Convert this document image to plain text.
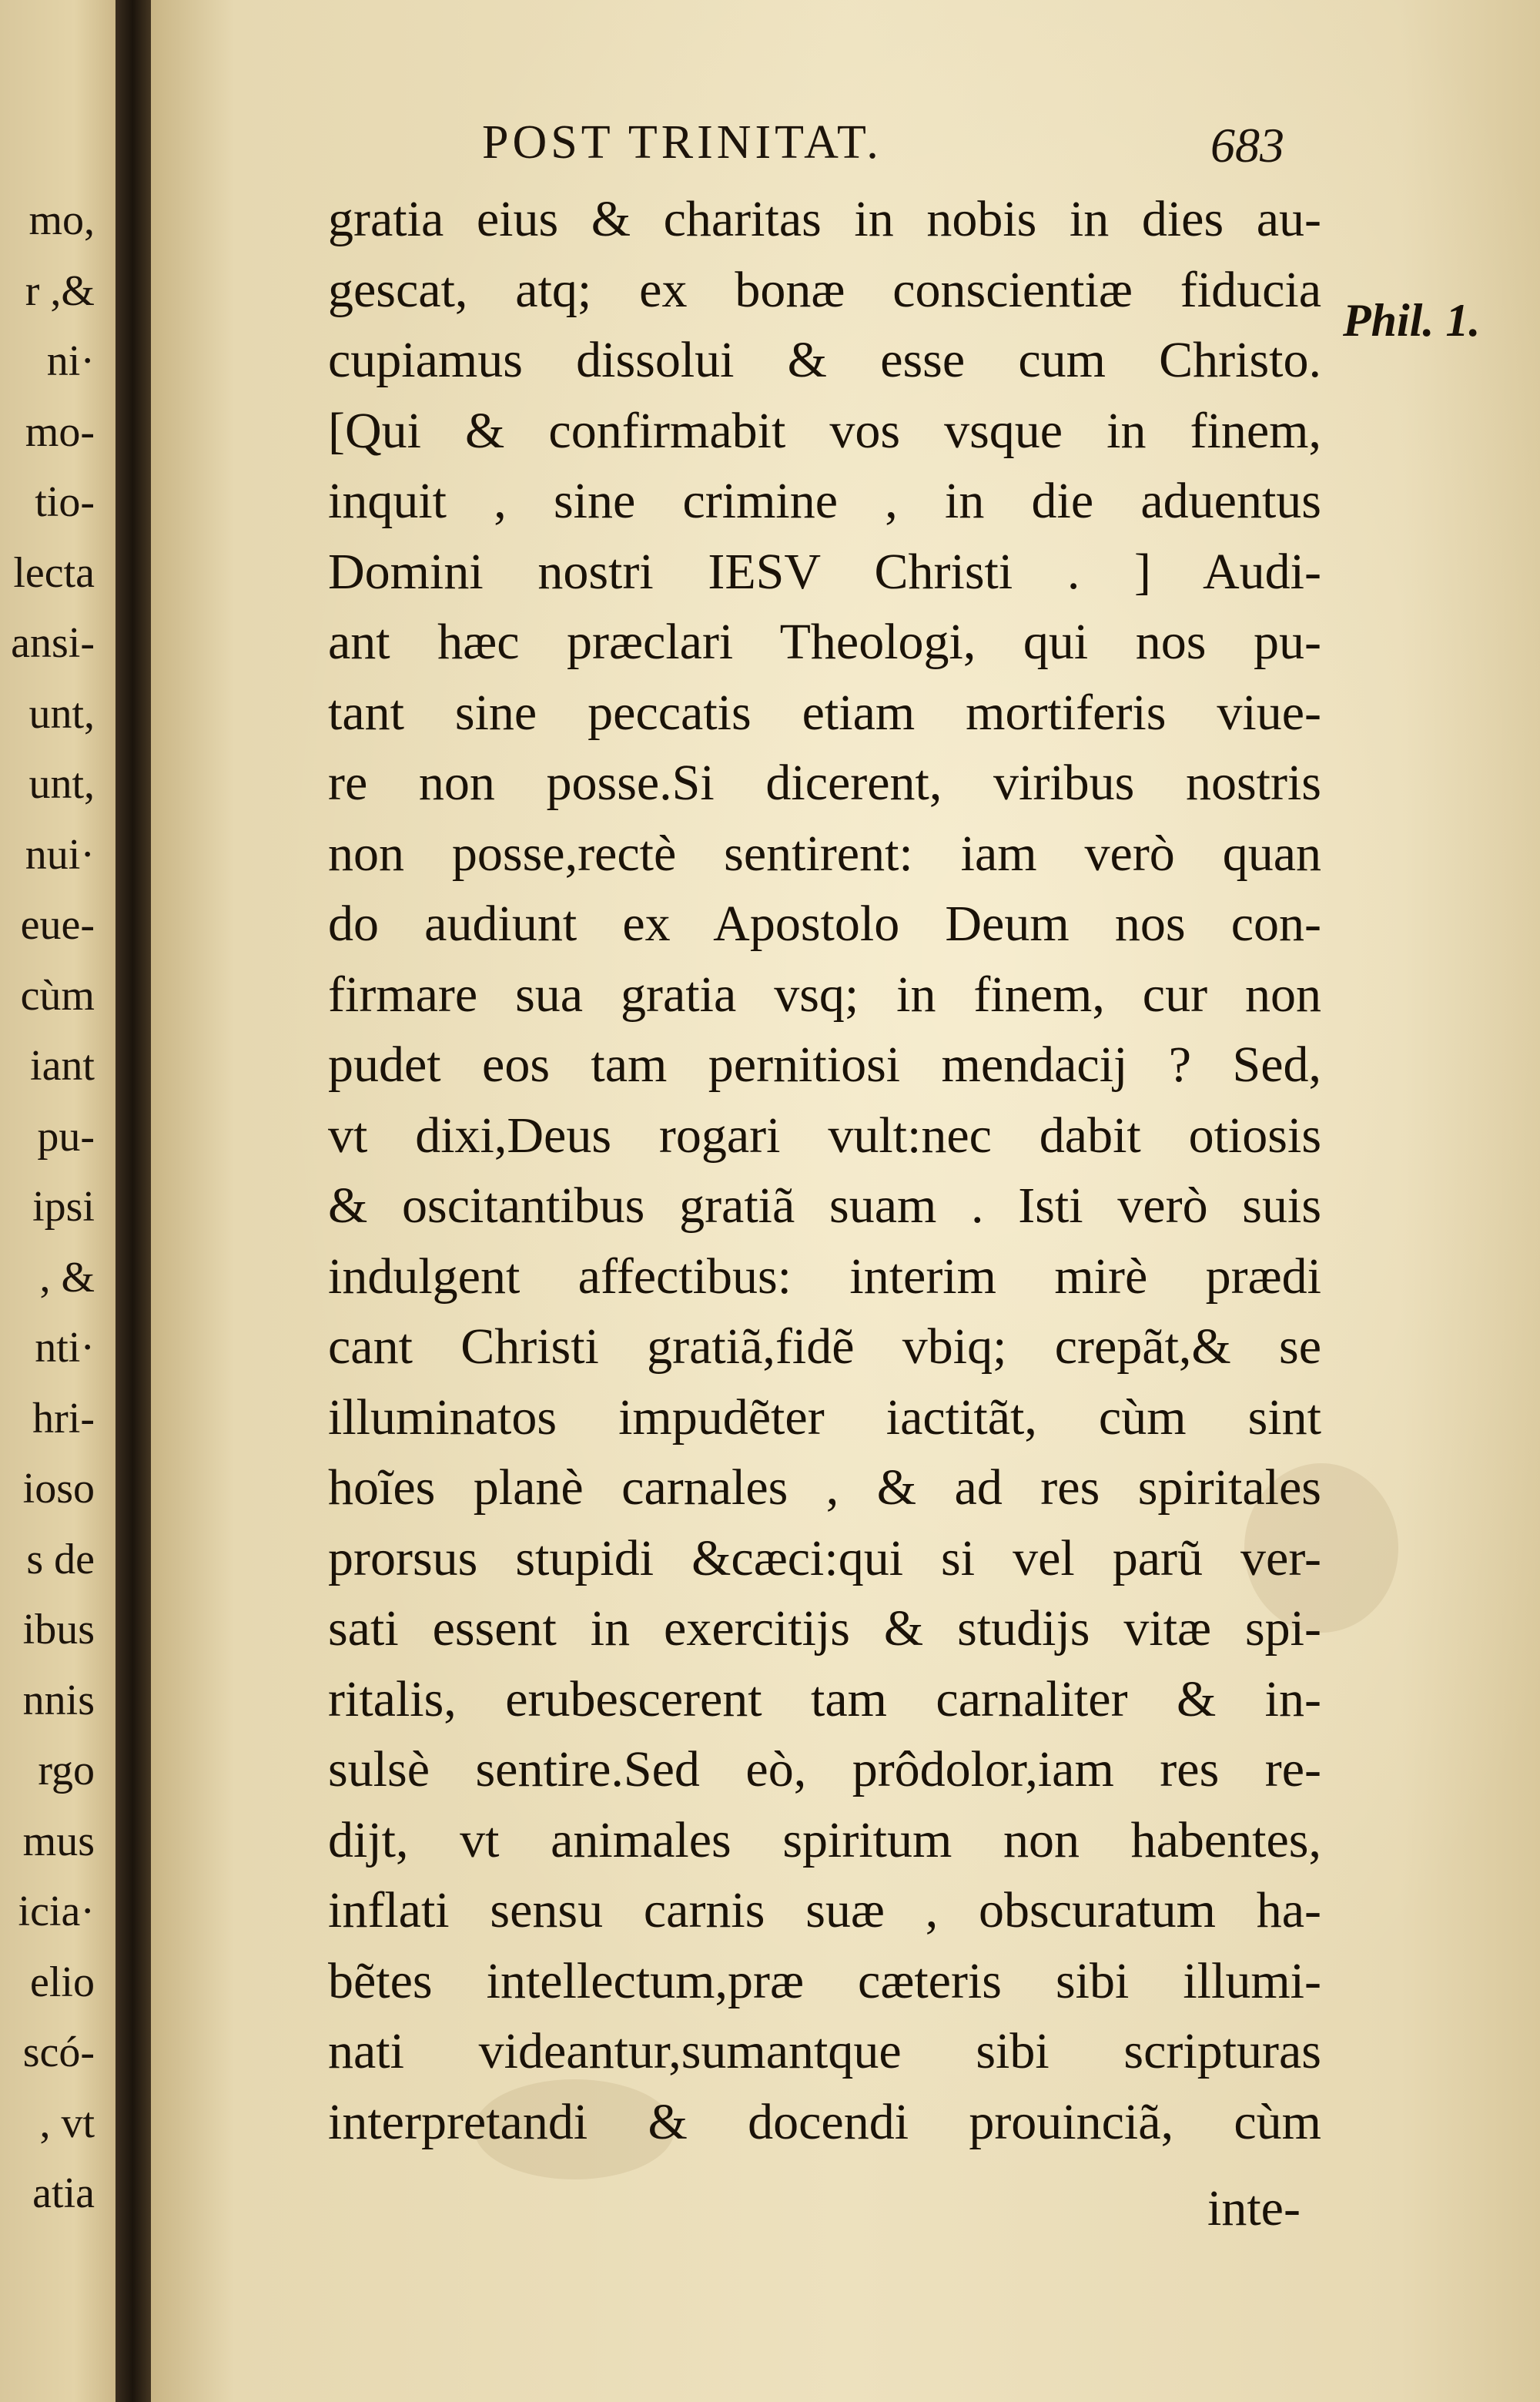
mo,
r ,&
ni·
mo-
tio-
lecta
ansi-
unt,
unt,
nui·
eue-
cùm
iant
pu-
ipsi
, &
nti·
hri-
ioso
s de
ibus
nnis
rgo
mus
icia·
elio
scó-
, vt
atia
POST TRINITAT.	683
Phil. 1.
gratia eius & charitas in nobis in dies au-
gescat, atq; ex bonæ conscientiæ fiducia
cupiamus dissolui & esse cum Christo.
[Qui & confirmabit vos vsque in finem,
inquit , sine crimine , in die aduentus
Domini nostri IESV Christi . ] Audi-
ant hæc præclari Theologi, qui nos pu-
tant sine peccatis etiam mortiferis viue-
re non posse.Si dicerent, viribus nostris
non posse,rectè sentirent: iam verò quan
do audiunt ex Apostolo Deum nos con-
firmare sua gratia vsq; in finem, cur non
pudet eos tam pernitiosi mendacij ? Sed,
vt dixi,Deus rogari vult:nec dabit otiosis
& oscitantibus gratiã suam . Isti verò suis
indulgent affectibus: interim mirè prædi
cant Christi gratiã,fidẽ vbiq; crepãt,& se
illuminatos impudẽter iactitãt, cùm sint
hoĩes planè carnales , & ad res spiritales
prorsus stupidi &cæci:qui si vel parũ ver-
sati essent in exercitijs & studijs vitæ spi-
ritalis, erubescerent tam carnaliter & in-
sulsè sentire.Sed eò, prôdolor,iam res re-
dijt, vt animales spiritum non habentes,
inflati sensu carnis suæ , obscuratum ha-
bẽtes intellectum,præ cæteris sibi illumi-
nati videantur,sumantque sibi scripturas
interpretandi & docendi prouinciã, cùm
inte-
